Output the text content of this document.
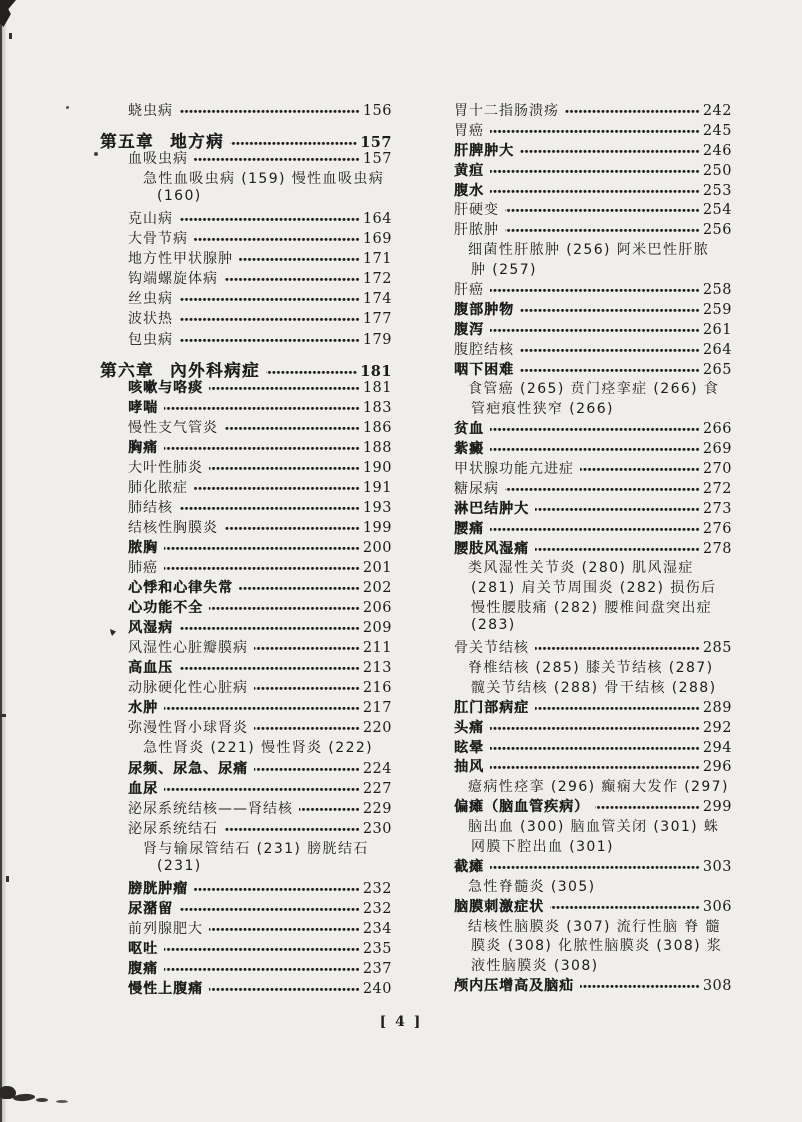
蛲虫病	156
第五章 地方病	157
血吸虫病	157
急性血吸虫病 (159) 慢性血吸虫病
(160)
克山病	164
大骨节病	169
地方性甲状腺肿	171
钩端螺旋体病	172
丝虫病	174
波状热	177
包虫病	179
第六章 內外科病症	181
咳嗽与咯痰	181
哮喘	183
慢性支气管炎	186
胸痛	188
大叶性肺炎	190
肺化脓症	191
肺结核	193
结核性胸膜炎	199
脓胸	200
肺癌	201
心悸和心律失常	202
心功能不全	206
风湿病	209
风湿性心脏瓣膜病	211
高血压	213
动脉硬化性心脏病	216
水肿	217
弥漫性肾小球肾炎	220
急性肾炎 (221) 慢性肾炎 (222)
尿频、尿急、尿痛	224
血尿	227
泌尿系统结核——肾结核	229
泌尿系统结石	230
肾与输尿管结石 (231) 膀胱结石
(231)
膀胱肿瘤	232
尿潴留	232
前列腺肥大	234
呕吐	235
腹痛	237
慢性上腹痛	240
胃十二指肠溃疡	242
胃癌	245
肝脾肿大	246
黄疸	250
腹水	253
肝硬变	254
肝脓肿	256
细菌性肝脓肿 (256) 阿米巴性肝脓
肿 (257)
肝癌	258
腹部肿物	259
腹泻	261
腹腔结核	264
咽下困难	265
食管癌 (265) 贲门痉挛症 (266) 食
管疤痕性狭窄 (266)
贫血	266
紫癜	269
甲状腺功能亢进症	270
糖尿病	272
淋巴结肿大	273
腰痛	276
腰肢风湿痛	278
类风湿性关节炎 (280) 肌风湿症
(281) 肩关节周围炎 (282) 损伤后
慢性腰肢痛 (282) 腰椎间盘突出症
(283)
骨关节结核	285
脊椎结核 (285) 膝关节结核 (287)
髋关节结核 (288) 骨干结核 (288)
肛门部病症	289
头痛	292
眩晕	294
抽风	296
癔病性痉挛 (296) 癫痫大发作 (297)
偏瘫（脑血管疾病）	299
脑出血 (300) 脑血管关闭 (301) 蛛
网膜下腔出血 (301)
截瘫	303
急性脊髓炎 (305)
脑膜刺激症状	306
结核性脑膜炎 (307) 流行性脑 脊 髓
膜炎 (308) 化脓性脑膜炎 (308) 浆
液性脑膜炎 (308)
颅内压增高及脑疝	308
[ 4 ]
